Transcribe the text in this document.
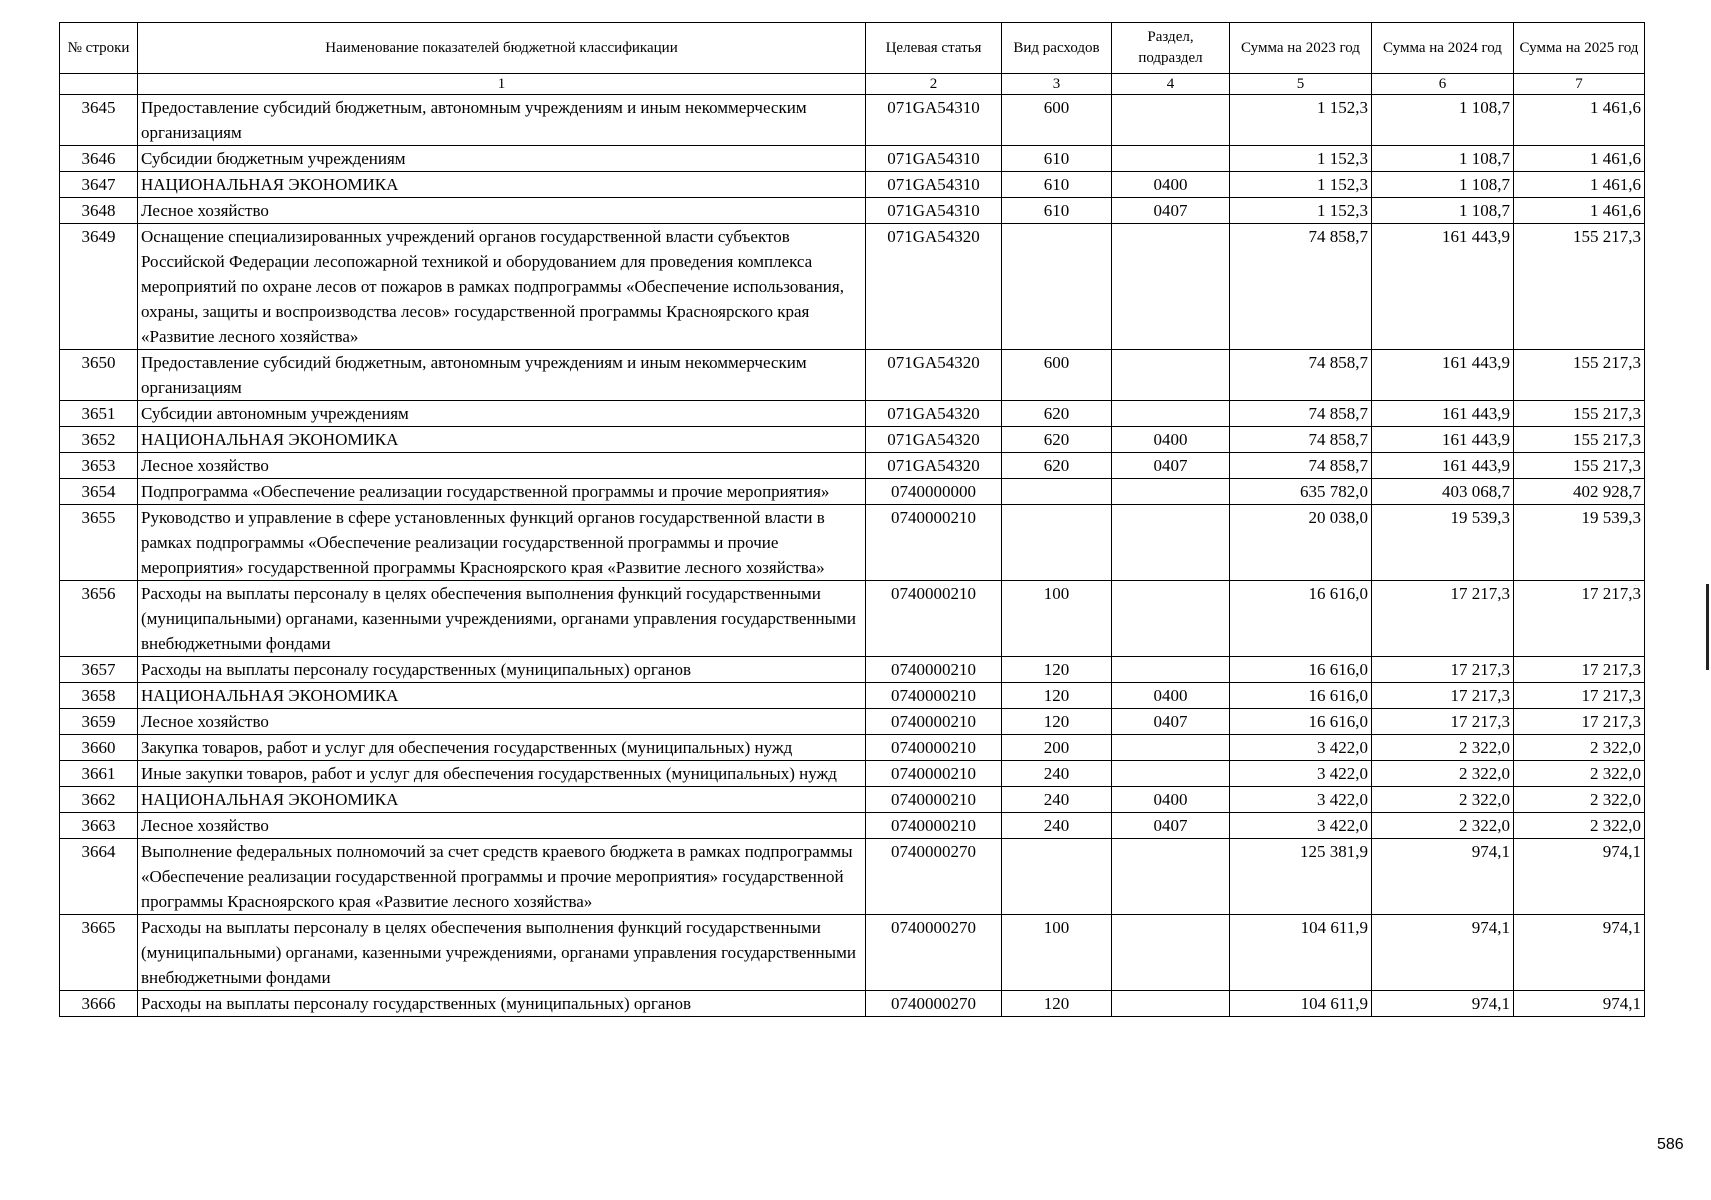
№ строки	Наименование показателей бюджетной классификации	Целевая статья	Вид расходов	Раздел, подраздел	Сумма на 2023 год	Сумма на 2024 год	Сумма на 2025 год
	1	2	3	4	5	6	7
3645	Предоставление субсидий бюджетным, автономным учреждениям и иным некоммерческим организациям	071GA54310	600		1 152,3	1 108,7	1 461,6
3646	Субсидии бюджетным учреждениям	071GA54310	610		1 152,3	1 108,7	1 461,6
3647	НАЦИОНАЛЬНАЯ ЭКОНОМИКА	071GA54310	610	0400	1 152,3	1 108,7	1 461,6
3648	Лесное хозяйство	071GA54310	610	0407	1 152,3	1 108,7	1 461,6
3649	Оснащение специализированных учреждений органов государственной власти субъектов Российской Федерации лесопожарной техникой и оборудованием для проведения комплекса мероприятий по охране лесов от пожаров в рамках подпрограммы «Обеспечение использования, охраны, защиты и воспроизводства лесов» государственной программы Красноярского края «Развитие лесного хозяйства»	071GA54320			74 858,7	161 443,9	155 217,3
3650	Предоставление субсидий бюджетным, автономным учреждениям и иным некоммерческим организациям	071GA54320	600		74 858,7	161 443,9	155 217,3
3651	Субсидии автономным учреждениям	071GA54320	620		74 858,7	161 443,9	155 217,3
3652	НАЦИОНАЛЬНАЯ ЭКОНОМИКА	071GA54320	620	0400	74 858,7	161 443,9	155 217,3
3653	Лесное хозяйство	071GA54320	620	0407	74 858,7	161 443,9	155 217,3
3654	Подпрограмма «Обеспечение реализации государственной программы и прочие мероприятия»	0740000000			635 782,0	403 068,7	402 928,7
3655	Руководство и управление в сфере установленных функций органов государственной власти в рамках подпрограммы «Обеспечение реализации государственной программы и прочие мероприятия» государственной программы Красноярского края «Развитие лесного хозяйства»	0740000210			20 038,0	19 539,3	19 539,3
3656	Расходы на выплаты персоналу в целях обеспечения выполнения функций государственными (муниципальными) органами, казенными учреждениями, органами управления государственными внебюджетными фондами	0740000210	100		16 616,0	17 217,3	17 217,3
3657	Расходы на выплаты персоналу государственных (муниципальных) органов	0740000210	120		16 616,0	17 217,3	17 217,3
3658	НАЦИОНАЛЬНАЯ ЭКОНОМИКА	0740000210	120	0400	16 616,0	17 217,3	17 217,3
3659	Лесное хозяйство	0740000210	120	0407	16 616,0	17 217,3	17 217,3
3660	Закупка товаров, работ и услуг для обеспечения государственных (муниципальных) нужд	0740000210	200		3 422,0	2 322,0	2 322,0
3661	Иные закупки товаров, работ и услуг для обеспечения государственных (муниципальных) нужд	0740000210	240		3 422,0	2 322,0	2 322,0
3662	НАЦИОНАЛЬНАЯ ЭКОНОМИКА	0740000210	240	0400	3 422,0	2 322,0	2 322,0
3663	Лесное хозяйство	0740000210	240	0407	3 422,0	2 322,0	2 322,0
3664	Выполнение федеральных полномочий за счет средств краевого бюджета в рамках подпрограммы «Обеспечение реализации государственной программы и прочие мероприятия» государственной программы Красноярского края «Развитие лесного хозяйства»	0740000270			125 381,9	974,1	974,1
3665	Расходы на выплаты персоналу в целях обеспечения выполнения функций государственными (муниципальными) органами, казенными учреждениями, органами управления государственными внебюджетными фондами	0740000270	100		104 611,9	974,1	974,1
3666	Расходы на выплаты персоналу государственных (муниципальных) органов	0740000270	120		104 611,9	974,1	974,1
586
